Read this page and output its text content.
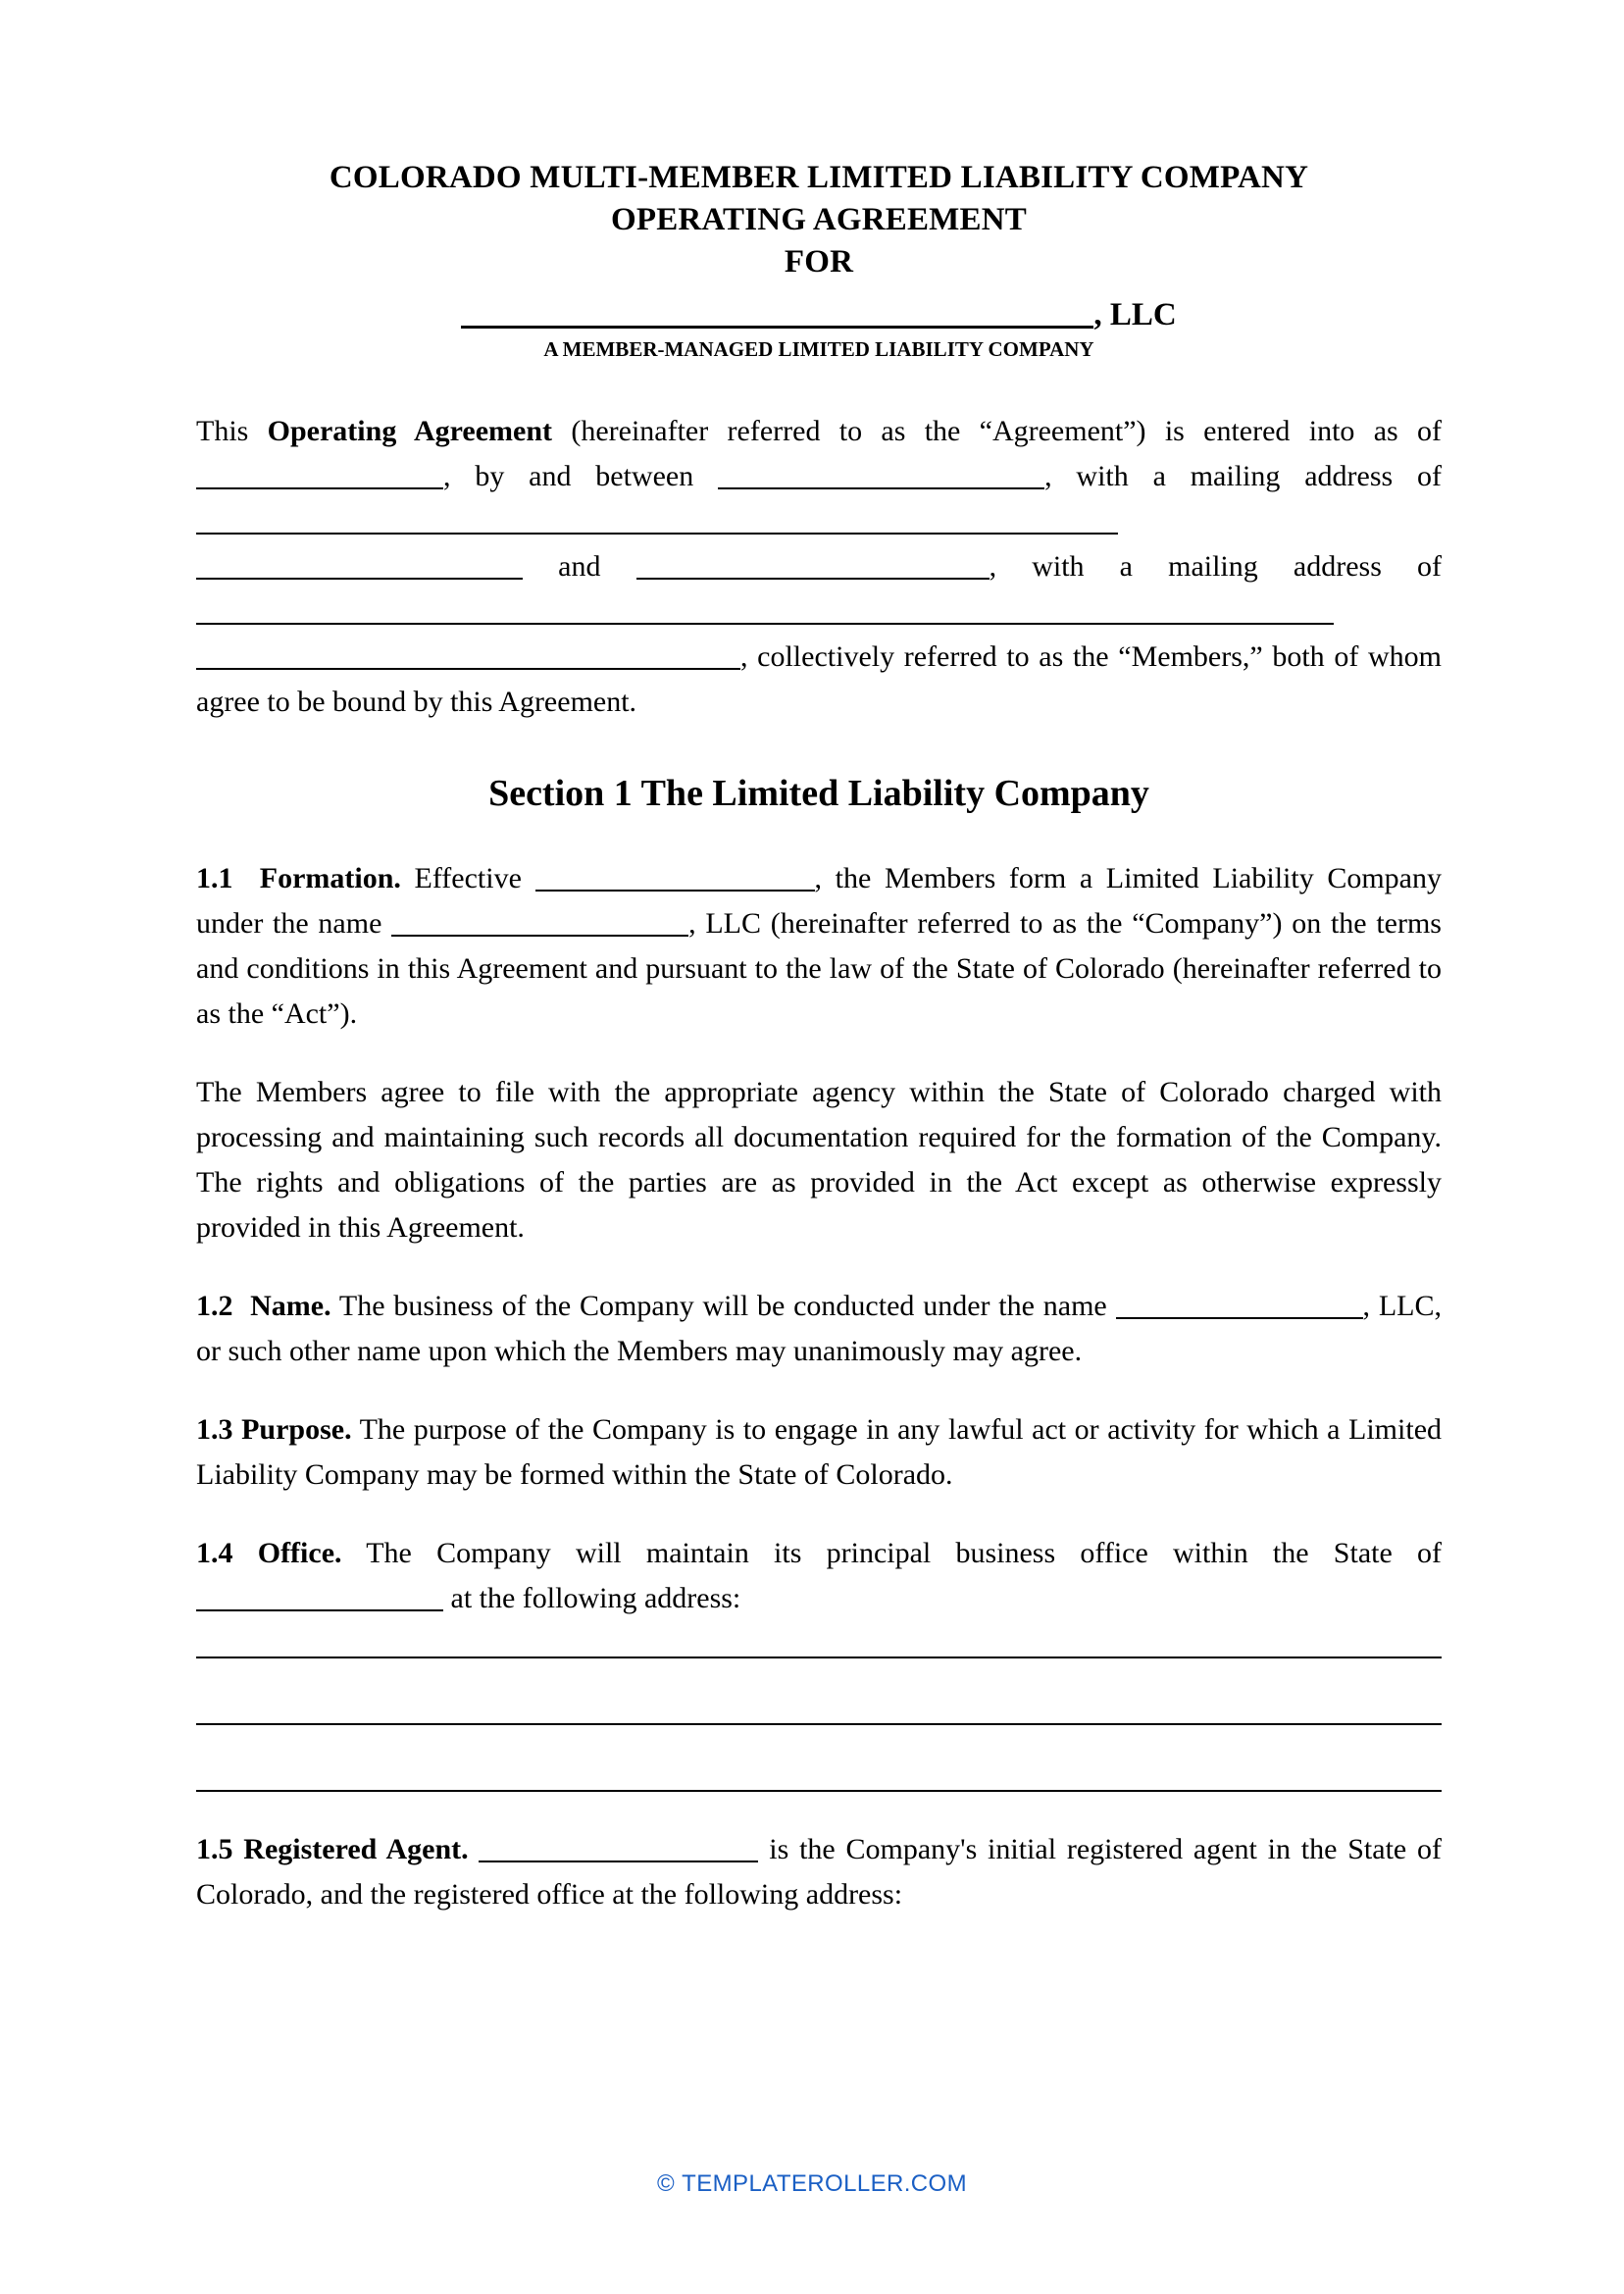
COLORADO MULTI-MEMBER LIMITED LIABILITY COMPANY
OPERATING AGREEMENT
FOR
, LLC
A MEMBER-MANAGED LIMITED LIABILITY COMPANY

This Operating Agreement (hereinafter referred to as the “Agreement”) is entered into as of , by and between	, with a mailing address of  and	, with a mailing address of , collectively referred to as the “Members,” both of whom agree to be bound by this Agreement.

Section 1 The Limited Liability Company

1.1 Formation. Effective	, the Members form a Limited Liability Company under the name	, LLC (hereinafter referred to as the “Company”) on the terms and conditions in this Agreement and pursuant to the law of the State of Colorado (hereinafter referred to as the “Act”).

The Members agree to file with the appropriate agency within the State of Colorado charged with processing and maintaining such records all documentation required for the formation of the Company. The rights and obligations of the parties are as provided in the Act except as otherwise expressly provided in this Agreement.

1.2 Name. The business of the Company will be conducted under the name	, LLC, or such other name upon which the Members may unanimously may agree.

1.3 Purpose. The purpose of the Company is to engage in any lawful act or activity for which a Limited Liability Company may be formed within the State of Colorado.

1.4 Office. The Company will maintain its principal business office within the State of  at the following address:

1.5 Registered Agent.	is the Company's initial registered agent in the State of Colorado, and the registered office at the following address:

© TEMPLATEROLLER.COM
